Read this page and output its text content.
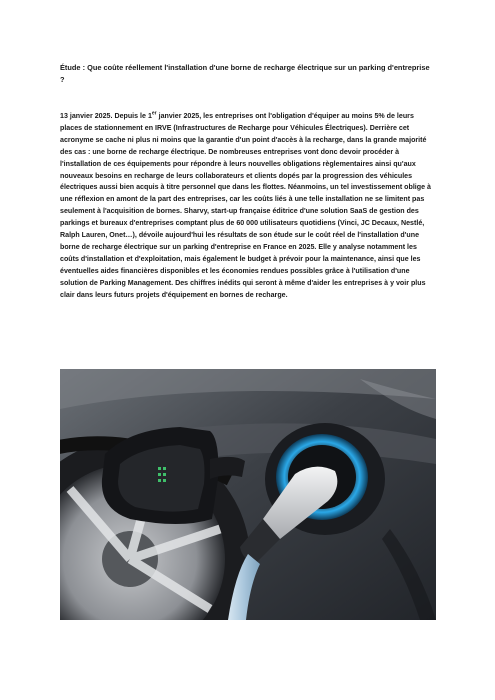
Étude : Que coûte réellement l'installation d'une borne de recharge électrique sur un parking d'entreprise ?

13 janvier 2025. Depuis le 1er janvier 2025, les entreprises ont l'obligation d'équiper au moins 5% de leurs places de stationnement en IRVE (Infrastructures de Recharge pour Véhicules Électriques). Derrière cet acronyme se cache ni plus ni moins que la garantie d'un point d'accès à la recharge, dans la grande majorité des cas : une borne de recharge électrique. De nombreuses entreprises vont donc devoir procéder à l'installation de ces équipements pour répondre à leurs nouvelles obligations règlementaires ainsi qu'aux nouveaux besoins en recharge de leurs collaborateurs et clients dopés par la progression des véhicules électriques aussi bien acquis à titre personnel que dans les flottes. Néanmoins, un tel investissement oblige à une réflexion en amont de la part des entreprises, car les coûts liés à une telle installation ne se limitent pas seulement à l'acquisition de bornes. Sharvy, start-up française éditrice d'une solution SaaS de gestion des parkings et bureaux d'entreprises comptant plus de 60 000 utilisateurs quotidiens (Vinci, JC Decaux, Nestlé, Ralph Lauren, Onet…), dévoile aujourd'hui les résultats de son étude sur le coût réel de l'installation d'une borne de recharge électrique sur un parking d'entreprise en France en 2025. Elle y analyse notamment les coûts d'installation et d'exploitation, mais également le budget à prévoir pour la maintenance, ainsi que les éventuelles aides financières disponibles et les économies rendues possibles grâce à l'utilisation d'une solution de Parking Management. Des chiffres inédits qui seront à même d'aider les entreprises à y voir plus clair dans leurs futurs projets d'équipement en bornes de recharge.
